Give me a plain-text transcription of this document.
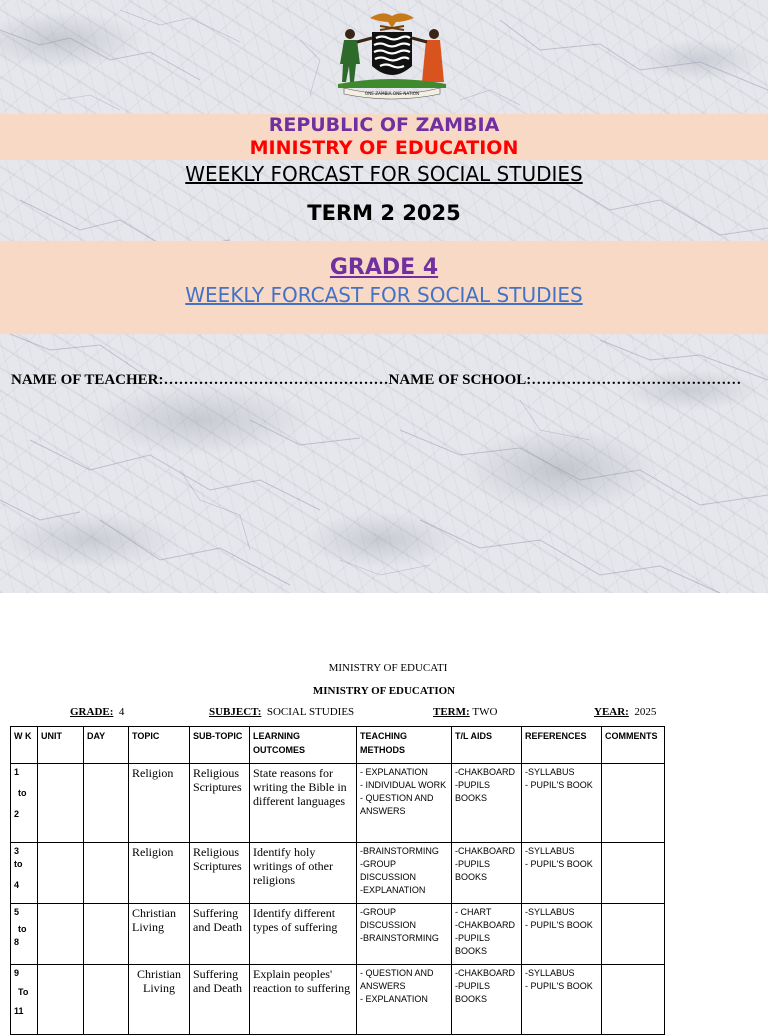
ONE ZAMBIA ONE NATION
REPUBLIC OF ZAMBIA
MINISTRY OF EDUCATION
WEEKLY FORCAST FOR SOCIAL STUDIES
TERM 2 2025
GRADE 4
WEEKLY FORCAST FOR SOCIAL STUDIES
NAME OF TEACHER:………………………………………NAME OF SCHOOL:……………………………………
MINISTRY OF EDUCATI
MINISTRY OF EDUCATION
GRADE: 4	SUBJECT: SOCIAL STUDIES	TERM: TWO	YEAR: 2025
W K	UNIT	DAY	TOPIC	SUB-TOPIC	LEARNING OUTCOMES	TEACHING METHODS	T/L AIDS	REFERENCES	COMMENTS

1
to
2			Religion	Religious Scriptures	State reasons for writing the Bible in different languages	- EXPLANATION
- INDIVIDUAL WORK
- QUESTION AND ANSWERS	-CHAKBOARD
-PUPILS BOOKS	-SYLLABUS
- PUPIL'S BOOK	

3
to
4			Religion	Religious Scriptures	Identify holy writings of other religions	-BRAINSTORMING
-GROUP DISCUSSION
-EXPLANATION	-CHAKBOARD
-PUPILS BOOKS	-SYLLABUS
- PUPIL'S BOOK	

5
to
8			Christian Living	Suffering and Death	Identify different types of suffering	-GROUP DISCUSSION
-BRAINSTORMING	- CHART
-CHAKBOARD
-PUPILS BOOKS	-SYLLABUS
- PUPIL'S BOOK	

9
To
11			Christian Living	Suffering and Death	Explain peoples' reaction to suffering	- QUESTION AND ANSWERS
- EXPLANATION	-CHAKBOARD
-PUPILS BOOKS	-SYLLABUS
- PUPIL'S BOOK	
